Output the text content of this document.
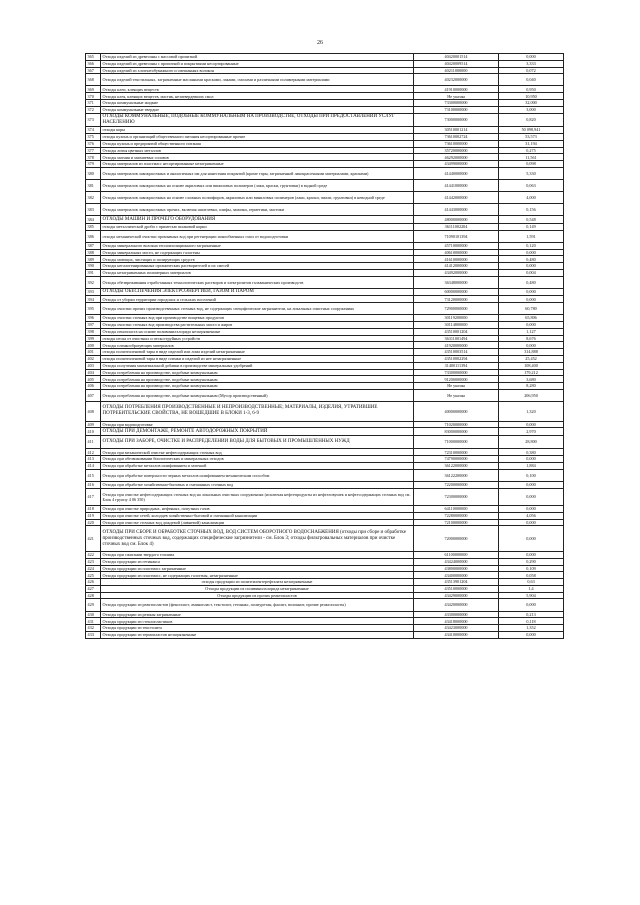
26
365	Отходы изделий из древесины с массовой пропиткой	40420001514	0,000
366	Отходы изделий из древесины с пропиткой и покрытиями несортированные	40420009514	3,333
367	Отходы изделий из хлопчатобумажного и смешанных волокон	40211000000	0,072
368	Отходы изделий текстильных, загрязненные масляными красками, лаками, смолами и различными полимерными материалами	40232000000	0,040
369	Отходы клеи, клеящих веществ	41910000000	0,950
370	Отходы клея, клеящих веществ, мастик, незатвердевших смол	Не указан	10,950
371	Отходы коммунальные жидкие	73300000000	32,000
372	Отходы коммунальные твердые	73100000000	3,000
373	ОТХОДЫ КОММУНАЛЬНЫЕ, ПОДОБНЫЕ КОММУНАЛЬНЫМ НА ПРОИЗВОДСТВЕ, ОТХОДЫ ПРИ ПРЕДОСТАВЛЕНИИ УСЛУГ НАСЕЛЕНИЮ	73000000000	0,820
374	отходы коры	30510001214	50 098,941
375	отходы кухонь и организаций общественного питания несортированные прочие	73610002724	53,573
376	Отходы кухонь и предприятий общественного питания	73610000000	31,194
377	Отходы литья цветных металлов	35720000000	0,275
378	Отходы магния и магниевых сплавов	46292000000	11,561
379	Отходы материалов из пластмасс несортированные незагрязненные	43499000000	0,098
380	Отходы материалов лакокрасочных и аналогичных им для нанесения покрытий (кроме тары, загрязненной лакокрасочными материалами, красками)	41440000000	5,330
381	Отходы материалов лакокрасочных на основе акриловых или виниловых полимеров (лаки, краски, грунтовки) в водной среде	41441000000	0,063
382	Отходы материалов лакокрасочных на основе сложных полиэфиров, акриловых или виниловых полимеров (лаки, краски, эмали, грунтовки) в неводной среде	41442000000	4,000
383	Отходы материалов лакокрасочных прочих, включая шпатлевки, олифы, замазки, герметики, мастики	41443000000	0,156
384	ОТХОДЫ МАШИН И ПРОЧЕГО ОБОРУДОВАНИЯ	48000000000	0,548
385	отходы металлической дроби с примесью шлаковой корки	36111002204	0,149
386	отходы механической очистки промывных вод при регенерации ионообменных смол от водоподготовки	71090101394	1,591
387	Отходы минерального волокна теплоизоляционного загрязненные	45710000000	0,120
388	Отходы минеральных масел, не содержащих галогены	40610000000	0,000
389	Отходы моющих, чистящих и полирующих средств	41610000000	0,480
390	Отходы негалогенированных органических растворителей и их смесей	41412000000	0,000
391	Отходы незагрязненных полимерных материалов	43492000000	0,004
392	Отходы обезвреживания отработанных технологических растворов и электролитов гальванических производств	36348000000	0,480
393	ОТХОДЫ ОБЕСПЕЧЕНИЯ ЭЛЕКТРОЭНЕРГИЕЙ, ГАЗОМ И ПАРОМ	60000000000	0,000
394	Отходы от уборки территории городских и сельских поселений	73120000000	0,000
395	Отходы очистки прочих производственных сточных вод, не содержащих специфические загрязнители, на локальных очистных сооружениях	72900000000	60,780
396	Отходы очистки сточных вод при производстве пищевых продуктов	30119200000	65,806
397	Отходы очистки сточных вод производства растительных масел и жиров	30114800000	0,000
398	Отходы пенопласта на основе поливинилхлорида незагрязненные	43510001204	1,127
399	отходы песка от очистных и пескоструйных устройств	36311001494	8,676
400	Отходы пленкообразующих материалов	41920000000	0,000
401	отходы полиэтиленовой тары в виде изделий или лома изделий незагрязненные	43510003514	314,888
402	отходы полиэтиленовой тары в виде пленки и изделий из нее незагрязненные	43510002294	25,452
403	Отходы получения магнезиальной добавки в производстве минеральных удобрений	31400111394	108,400
404	Отходы потребления на производстве, подобные коммунальным	73300000000	179,212
405	Отходы потребления на производстве, подобные коммунальным	91200000000	3,680
406	Отходы потребления на производстве, подобные коммунальным	Не указан	8,280
407	Отходы потребления на производстве, подобные коммунальным (Мусор производственный)	Не указан	206,950
408	ОТХОДЫ ПОТРЕБЛЕНИЯ ПРОИЗВОДСТВЕННЫЕ И НЕПРОИЗВОДСТВЕННЫЕ; МАТЕРИАЛЫ, ИЗДЕЛИЯ, УТРАТИВШИЕ ПОТРЕБИТЕЛЬСКИЕ СВОЙСТВА, НЕ ВОШЕДШИЕ В БЛОКИ 1-3, 6-9	40000000000	1,320
409	Отходы при водоподготовке	71020000000	0,000
410	ОТХОДЫ ПРИ ДЕМОНТАЖЕ, РЕМОНТЕ АВТОДОРОЖНЫХ ПОКРЫТИЙ	83000000000	2,970
411	ОТХОДЫ ПРИ ЗАБОРЕ, ОЧИСТКЕ И РАСПРЕДЕЛЕНИИ ВОДЫ ДЛЯ БЫТОВЫХ И ПРОМЫШЛЕННЫХ НУЖД	71000000000	28,800
412	Отходы при механической очистке нефтесодержащих сточных вод	72310000000	0,380
413	Отходы при обезвоживании биологических и минеральных отходов	74790000000	0,000
414	Отходы при обработке металлов шлифованием и заточкой	36122000000	1,884
415	Отходы при обработке поверхности черных металлов шлифованием механическим способом	36122200000	0,100
416	Отходы при обработке хозяйственно-бытовых и смешанных сточных вод	72200000000	0,000
417	Отходы при очистке нефтесодержащих сточных вод на локальных очистных сооружениях (исключая нефтепродукты из нефтеловушек и нефтесодержащих сточных вод см. Блок 4 группу 4 06 350)	72300000000	0,000
418	Отходы при очистке природных, нефтяных, попутных газов	64110000000	0,000
419	Отходы при очистке сетей, колодцев хозяйственно-бытовой и смешанной канализации	72280000000	4,056
420	Отходы при очистке сточных вод дождевой (ливневой) канализации	72100000000	0,000
421	ОТХОДЫ ПРИ СБОРЕ И ОБРАБОТКЕ СТОЧНЫХ ВОД, ВОД СИСТЕМ ОБОРОТНОГО ВОДОСНАБЖЕНИЯ (отходы при сборе и обработке производственных сточных вод, содержащих специфические загрязнители - см. Блок 3; отходы фильтровальных материалов при очистке сточных вод см. Блок 4)	72000000000	0,000
422	Отходы при сжигании твердого топлива	61100000000	0,000
423	Отходы продукции из гетинакса	43424000000	0,290
424	Отходы продукции из пластмасс загрязненные	43800000000	0,109
425	Отходы продукции из пластмасс, не содержащих галогены, незагрязненные	43400000000	0,058
426	отходы продукции из полиэтилентерефталата незагрязненные	43513901204	0,63
427	Отходы продукции из поливинилхлорида незагрязненные	43510000000	1,4
428	Отходы продукции из прочих реактопластов	43429000000	5,904
429	Отходы продукции из реактопластов (фенопласт, аминопласт, текстолит, гетинакс, полиуретан, фаолит, волокнит, прочие реактопласты)	43420000000	0,000
430	Отходы продукции из резины загрязненные	43300000000	0,213
431	Отходы продукции из стеклопластиков	43418000000	0,118
432	Отходы продукции из текстолита	43423000000	1,352
433	Отходы продукции из термопластов незагрязненные	43410000000	0,000
